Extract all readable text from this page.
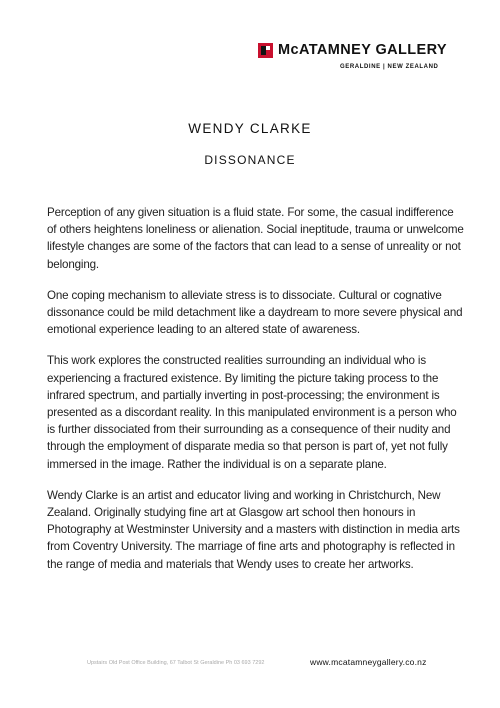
McATAMNEY GALLERY
GERALDINE | NEW ZEALAND
WENDY CLARKE
DISSONANCE

Perception of any given situation is a fluid state. For some, the casual indifference of others heightens loneliness or alienation. Social ineptitude, trauma or unwelcome lifestyle changes are some of the factors that can lead to a sense of unreality or not belonging.

One coping mechanism to alleviate stress is to dissociate. Cultural or cognative dissonance could be mild detachment like a daydream to more severe physical and emotional experience leading to an altered state of awareness.

This work explores the constructed realities surrounding an individual who is experiencing a fractured existence. By limiting the picture taking process to the infrared spectrum, and partially inverting in post-processing; the environment is presented as a discordant reality. In this manipulated environment is a person who is further dissociated from their surrounding as a consequence of their nudity and through the employment of disparate media so that person is part of, yet not fully immersed in the image. Rather the individual is on a separate plane.

Wendy Clarke is an artist and educator living and working in Christchurch, New Zealand. Originally studying fine art at Glasgow art school then honours in Photography at Westminster University and a masters with distinction in media arts from Coventry University. The marriage of fine arts and photography is reflected in the range of media and materials that Wendy uses to create her artworks.

Upstairs Old Post Office Building, 67 Talbot St Geraldine Ph 03 693 7292	www.mcatamneygallery.co.nz
